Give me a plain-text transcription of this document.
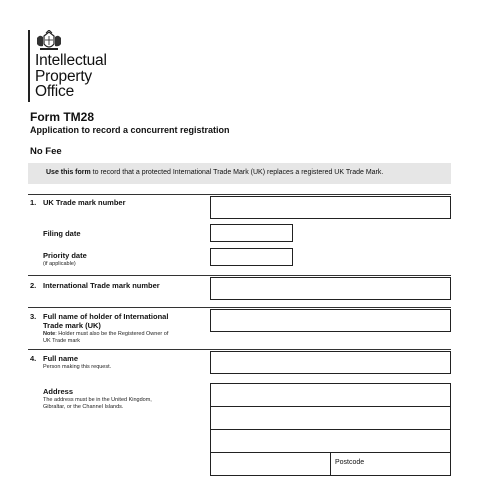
Intellectual
Property
Office
Form TM28
Application to record a concurrent registration
No Fee
Use this form to record that a protected International Trade Mark (UK) replaces a registered UK Trade Mark.
1. UK Trade mark number
Filing date
Priority date
(if applicable)
2. International Trade mark number
3. Full name of holder of International
Trade mark (UK)
Note: Holder must also be the Registered Owner of
UK Trade mark
4. Full name
Person making this request.
Address
The address must be in the United Kingdom,
Gibraltar, or the Channel Islands.
Postcode
